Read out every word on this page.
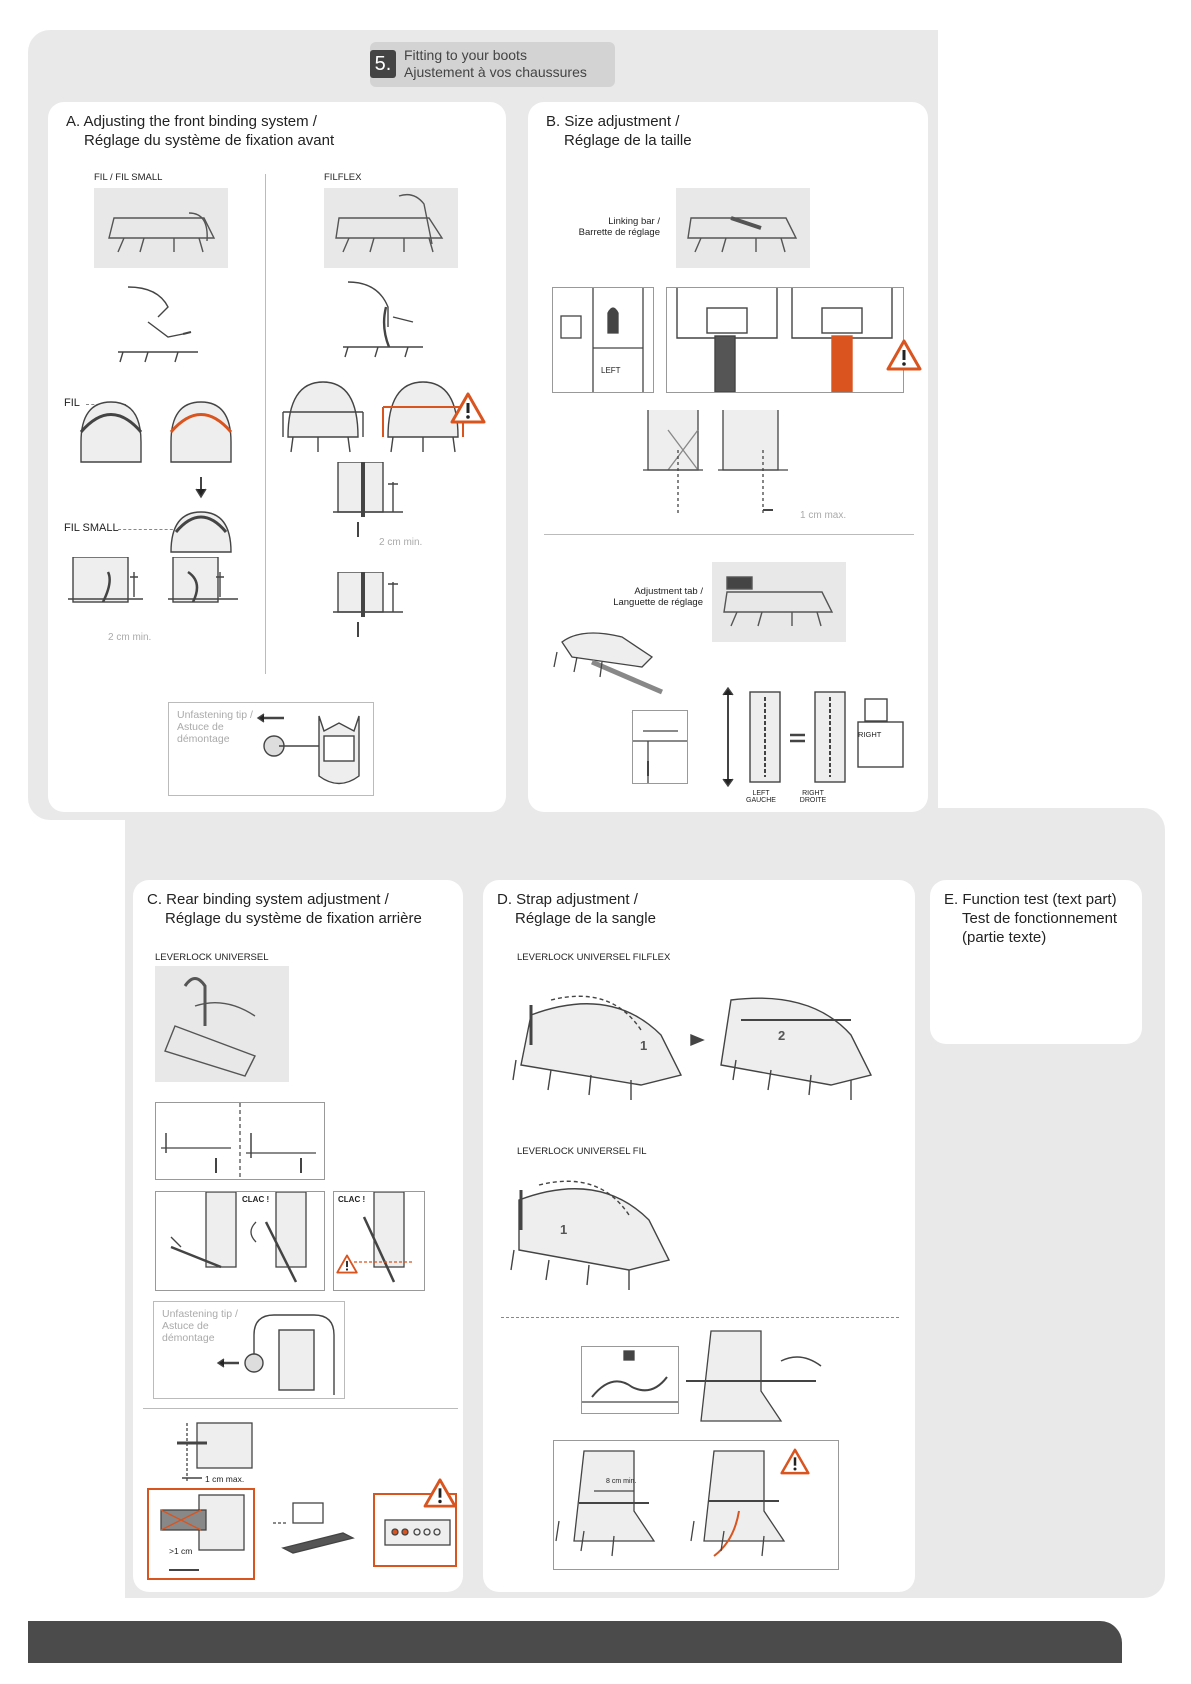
5. Fitting to your boots
Ajustement à vos chaussures
A. Adjusting the front binding system /
Réglage du système de fixation avant
FIL / FIL SMALL	FILFLEX
FIL
FIL SMALL
2 cm min.
2 cm min.
Unfastening tip /
Astuce de
démontage
B. Size adjustment /
Réglage de la taille
Linking bar /
Barrette de réglage
LEFT
1 cm max.
Adjustment tab /
Languette de réglage
RIGHT
LEFT
GAUCHE
RIGHT
DROITE
C. Rear binding system adjustment /
Réglage du système de fixation arrière
LEVERLOCK UNIVERSEL
CLAC !	CLAC !
Unfastening tip /
Astuce de
démontage
1 cm max.
>1 cm
D. Strap adjustment /
Réglage de la sangle
LEVERLOCK UNIVERSEL FILFLEX
1
2
LEVERLOCK UNIVERSEL FIL
1
8 cm min.
E. Function test (text part)
Test de fonctionnement
(partie texte)
